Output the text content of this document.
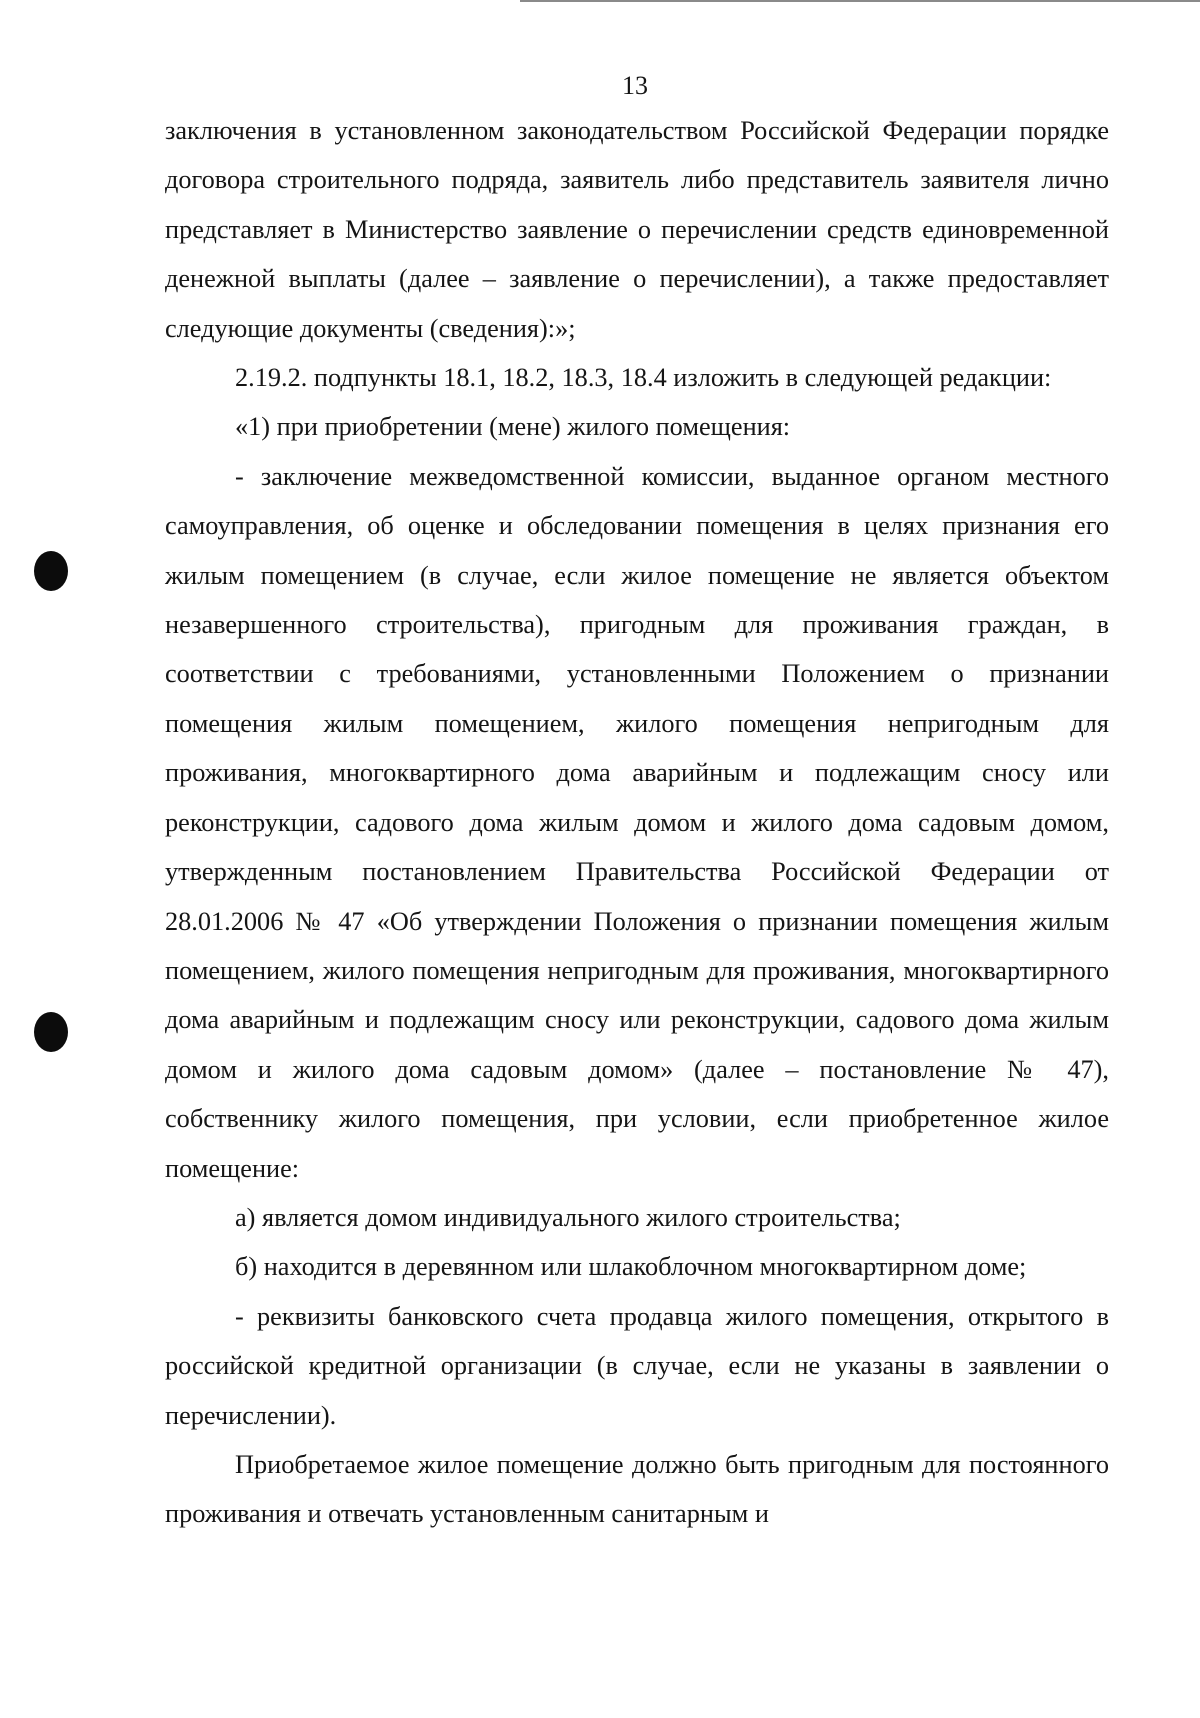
13

заключения в установленном законодательством Российской Федерации порядке договора строительного подряда, заявитель либо представитель заявителя лично представляет в Министерство заявление о перечислении средств единовременной денежной выплаты (далее – заявление о перечислении), а также предоставляет следующие документы (сведения):»;

2.19.2. подпункты 18.1, 18.2, 18.3, 18.4 изложить в следующей редакции:

«1) при приобретении (мене) жилого помещения:

- заключение межведомственной комиссии, выданное органом местного самоуправления, об оценке и обследовании помещения в целях признания его жилым помещением (в случае, если жилое помещение не является объектом незавершенного строительства), пригодным для проживания граждан, в соответствии с требованиями, установленными Положением о признании помещения жилым помещением, жилого помещения непригодным для проживания, многоквартирного дома аварийным и подлежащим сносу или реконструкции, садового дома жилым домом и жилого дома садовым домом, утвержденным постановлением Правительства Российской Федерации от 28.01.2006 № 47 «Об утверждении Положения о признании помещения жилым помещением, жилого помещения непригодным для проживания, многоквартирного дома аварийным и подлежащим сносу или реконструкции, садового дома жилым домом и жилого дома садовым домом» (далее – постановление № 47), собственнику жилого помещения, при условии, если приобретенное жилое помещение:

а) является домом индивидуального жилого строительства;

б) находится в деревянном или шлакоблочном многоквартирном доме;

- реквизиты банковского счета продавца жилого помещения, открытого в российской кредитной организации (в случае, если не указаны в заявлении о перечислении).

Приобретаемое жилое помещение должно быть пригодным для постоянного проживания и отвечать установленным санитарным и
